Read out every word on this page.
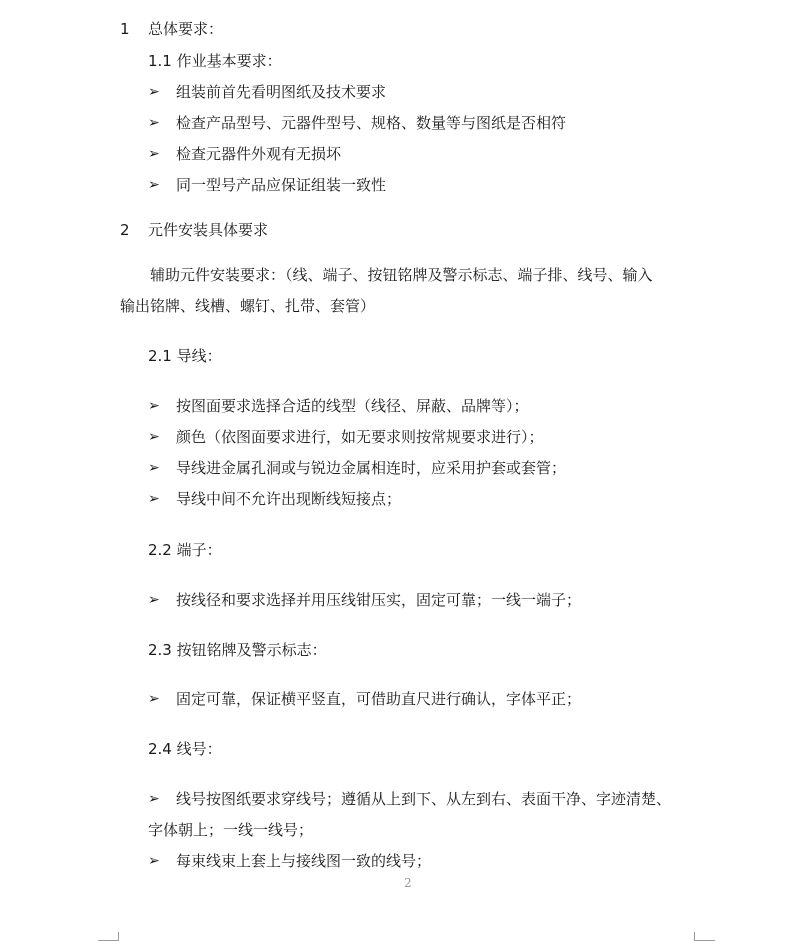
1 总体要求：
1.1 作业基本要求：
➢ 组装前首先看明图纸及技术要求
➢ 检查产品型号、元器件型号、规格、数量等与图纸是否相符
➢ 检查元器件外观有无损坏
➢ 同一型号产品应保证组装一致性
2 元件安装具体要求
辅助元件安装要求：（线、端子、按钮铭牌及警示标志、端子排、线号、输入
输出铭牌、线槽、螺钉、扎带、套管）
2.1 导线：
➢ 按图面要求选择合适的线型（线径、屏蔽、品牌等）；
➢ 颜色（依图面要求进行，如无要求则按常规要求进行）；
➢ 导线进金属孔洞或与锐边金属相连时，应采用护套或套管；
➢ 导线中间不允许出现断线短接点；
2.2 端子：
➢ 按线径和要求选择并用压线钳压实，固定可靠；一线一端子；
2.3 按钮铭牌及警示标志：
➢ 固定可靠，保证横平竖直，可借助直尺进行确认，字体平正；
2.4 线号：
➢ 线号按图纸要求穿线号；遵循从上到下、从左到右、表面干净、字迹清楚、
字体朝上；一线一线号；
➢ 每束线束上套上与接线图一致的线号；
2
